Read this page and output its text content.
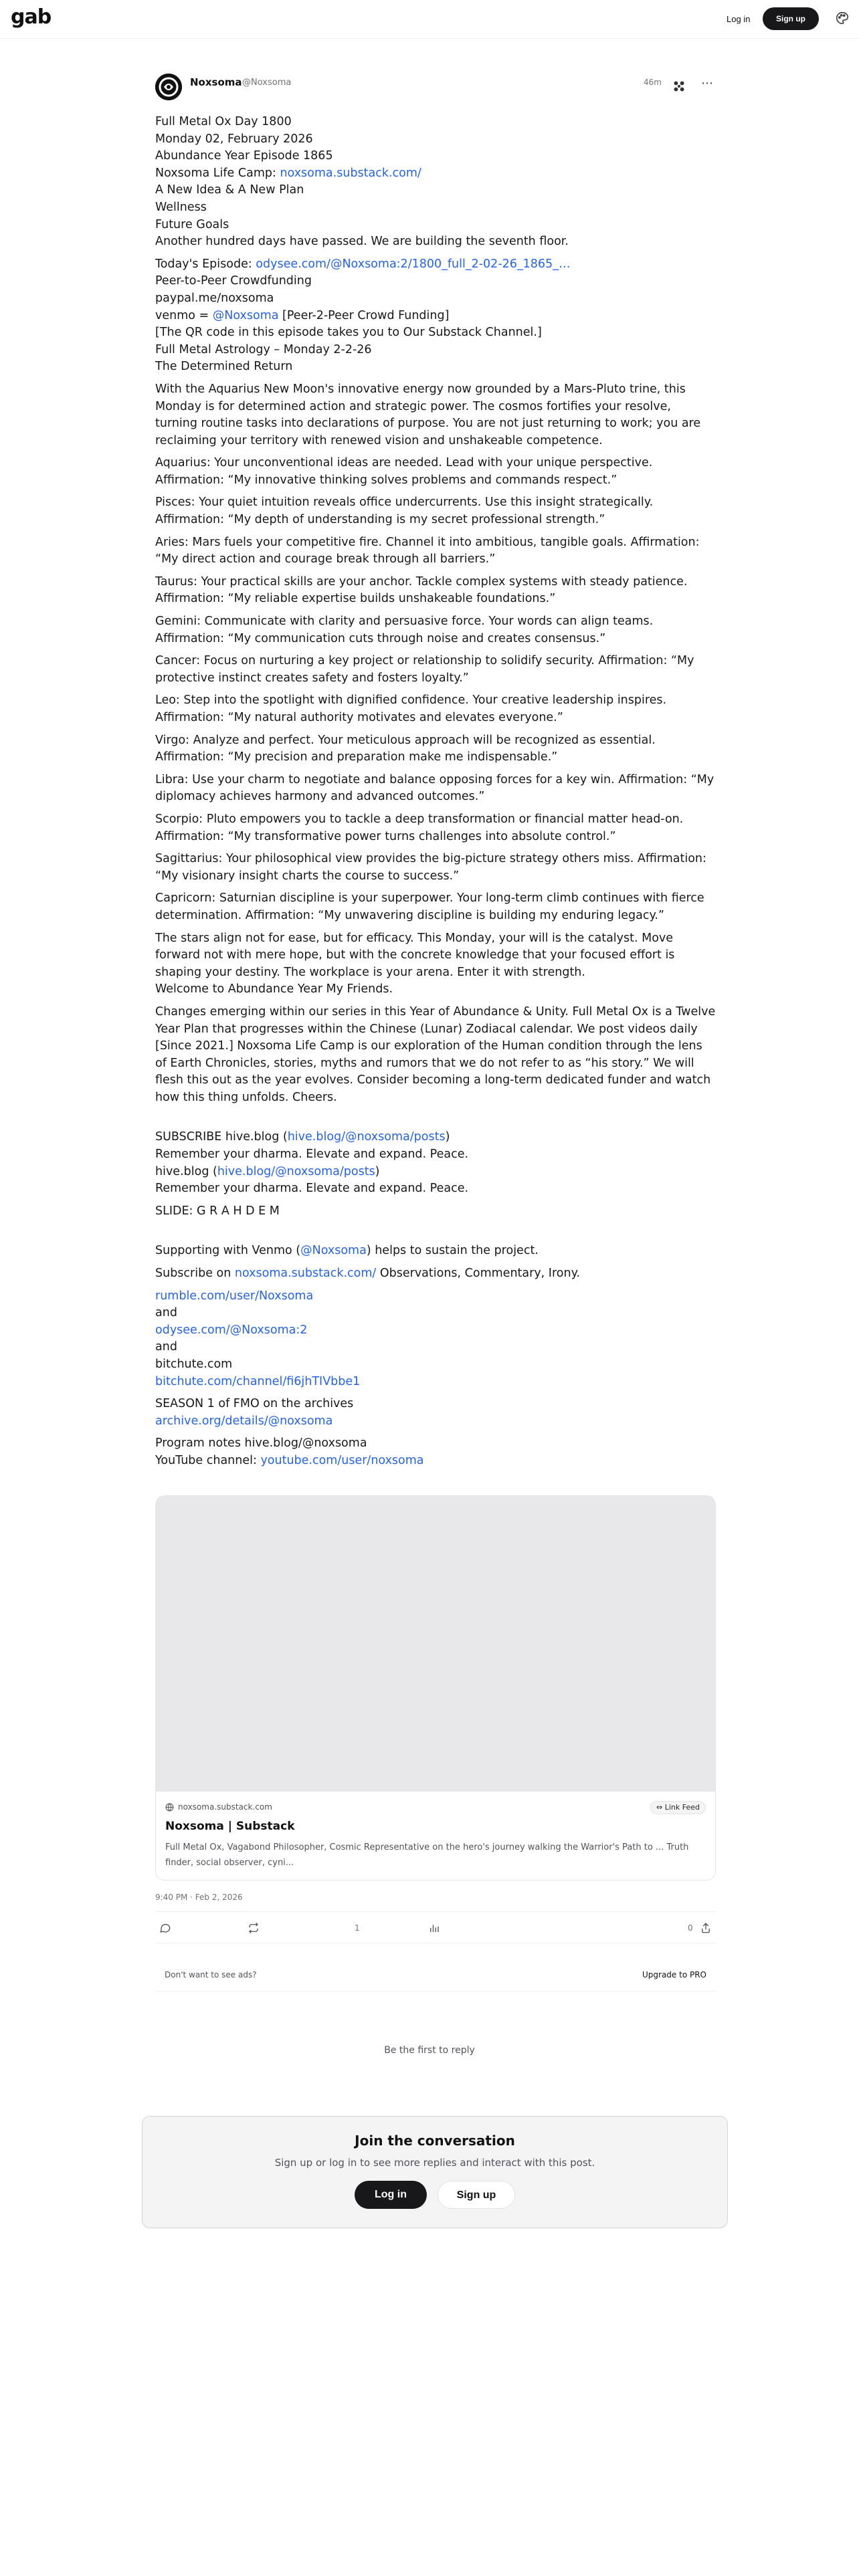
gab	Log in	Sign up
Noxsoma @Noxsoma	46m	⋯

Full Metal Ox Day 1800
Monday 02, February 2026
Abundance Year Episode 1865
Noxsoma Life Camp: noxsoma.substack.com/
A New Idea & A New Plan
Wellness
Future Goals
Another hundred days have passed. We are building the seventh floor.

Today's Episode: odysee.com/@Noxsoma:2/1800_full_2-02-26_1865_…
Peer-to-Peer Crowdfunding
paypal.me/noxsoma
venmo = @Noxsoma [Peer-2-Peer Crowd Funding]
[The QR code in this episode takes you to Our Substack Channel.]
Full Metal Astrology – Monday 2-2-26
The Determined Return

With the Aquarius New Moon's innovative energy now grounded by a Mars-Pluto trine, this Monday is for determined action and strategic power. The cosmos fortifies your resolve, turning routine tasks into declarations of purpose. You are not just returning to work; you are reclaiming your territory with renewed vision and unshakeable competence.

Aquarius: Your unconventional ideas are needed. Lead with your unique perspective. Affirmation: “My innovative thinking solves problems and commands respect.”

Pisces: Your quiet intuition reveals office undercurrents. Use this insight strategically. Affirmation: “My depth of understanding is my secret professional strength.”

Aries: Mars fuels your competitive fire. Channel it into ambitious, tangible goals. Affirmation: “My direct action and courage break through all barriers.”

Taurus: Your practical skills are your anchor. Tackle complex systems with steady patience. Affirmation: “My reliable expertise builds unshakeable foundations.”

Gemini: Communicate with clarity and persuasive force. Your words can align teams. Affirmation: “My communication cuts through noise and creates consensus.”

Cancer: Focus on nurturing a key project or relationship to solidify security. Affirmation: “My protective instinct creates safety and fosters loyalty.”

Leo: Step into the spotlight with dignified confidence. Your creative leadership inspires. Affirmation: “My natural authority motivates and elevates everyone.”

Virgo: Analyze and perfect. Your meticulous approach will be recognized as essential. Affirmation: “My precision and preparation make me indispensable.”

Libra: Use your charm to negotiate and balance opposing forces for a key win. Affirmation: “My diplomacy achieves harmony and advanced outcomes.”

Scorpio: Pluto empowers you to tackle a deep transformation or financial matter head-on. Affirmation: “My transformative power turns challenges into absolute control.”

Sagittarius: Your philosophical view provides the big-picture strategy others miss. Affirmation: “My visionary insight charts the course to success.”

Capricorn: Saturnian discipline is your superpower. Your long-term climb continues with fierce determination. Affirmation: “My unwavering discipline is building my enduring legacy.”

The stars align not for ease, but for efficacy. This Monday, your will is the catalyst. Move forward not with mere hope, but with the concrete knowledge that your focused effort is shaping your destiny. The workplace is your arena. Enter it with strength.
Welcome to Abundance Year My Friends.

Changes emerging within our series in this Year of Abundance & Unity. Full Metal Ox is a Twelve Year Plan that progresses within the Chinese (Lunar) Zodiacal calendar. We post videos daily [Since 2021.] Noxsoma Life Camp is our exploration of the Human condition through the lens of Earth Chronicles, stories, myths and rumors that we do not refer to as “his story.” We will flesh this out as the year evolves. Consider becoming a long-term dedicated funder and watch how this thing unfolds. Cheers.

SUBSCRIBE hive.blog (hive.blog/@noxsoma/posts)
Remember your dharma. Elevate and expand. Peace.
hive.blog (hive.blog/@noxsoma/posts)
Remember your dharma. Elevate and expand. Peace.

SLIDE: G R A H D E M

Supporting with Venmo (@Noxsoma) helps to sustain the project.

Subscribe on noxsoma.substack.com/ Observations, Commentary, Irony.

rumble.com/user/Noxsoma
and
odysee.com/@Noxsoma:2
and
bitchute.com
bitchute.com/channel/fi6jhTIVbbe1

SEASON 1 of FMO on the archives
archive.org/details/@noxsoma

Program notes hive.blog/@noxsoma
YouTube channel: youtube.com/user/noxsoma

noxsoma.substack.com	⇔ Link Feed
Noxsoma | Substack
Full Metal Ox, Vagabond Philosopher, Cosmic Representative on the hero's journey walking the Warrior's Path to ... Truth finder, social observer, cyni...
9:40 PM · Feb 2, 2026
1	0
Don't want to see ads?	Upgrade to PRO
Be the first to reply
Join the conversation
Sign up or log in to see more replies and interact with this post.
Log in	Sign up
